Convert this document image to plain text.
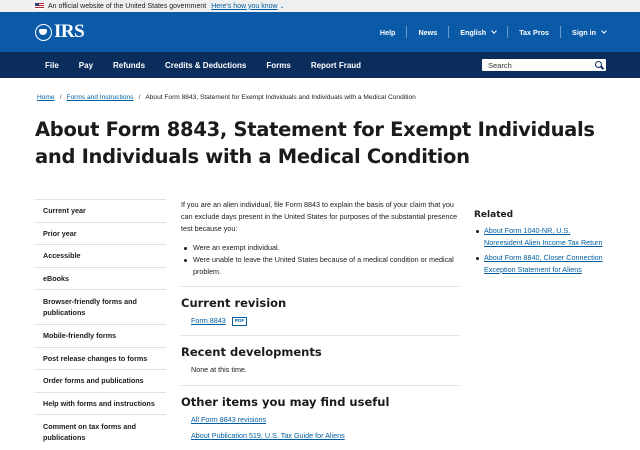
An official website of the United States government Here's how you know ⌄
IRS	Help	News	English	Tax Pros	Sign in
File	Pay	Refunds	Credits & Deductions	Forms	Report Fraud
Search
Home / Forms and Instructions / About Form 8843, Statement for Exempt Individuals and Individuals with a Medical Condition
About Form 8843, Statement for Exempt Individuals and Individuals with a Medical Condition
Current year
Prior year
Accessible
eBooks
Browser-friendly forms and publications
Mobile-friendly forms
Post release changes to forms
Order forms and publications
Help with forms and instructions
Comment on tax forms and publications

If you are an alien individual, file Form 8843 to explain the basis of your claim that you can exclude days present in the United States for purposes of the substantial presence test because you:

Were an exempt individual.
Were unable to leave the United States because of a medical condition or medical problem.
Current revision
Form 8843 PDF
Recent developments
None at this time.
Other items you may find useful
All Form 8843 revisions
About Publication 519, U.S. Tax Guide for Aliens
Related
About Form 1040-NR, U.S. Nonresident Alien Income Tax Return
About Form 8840, Closer Connection Exception Statement for Aliens
